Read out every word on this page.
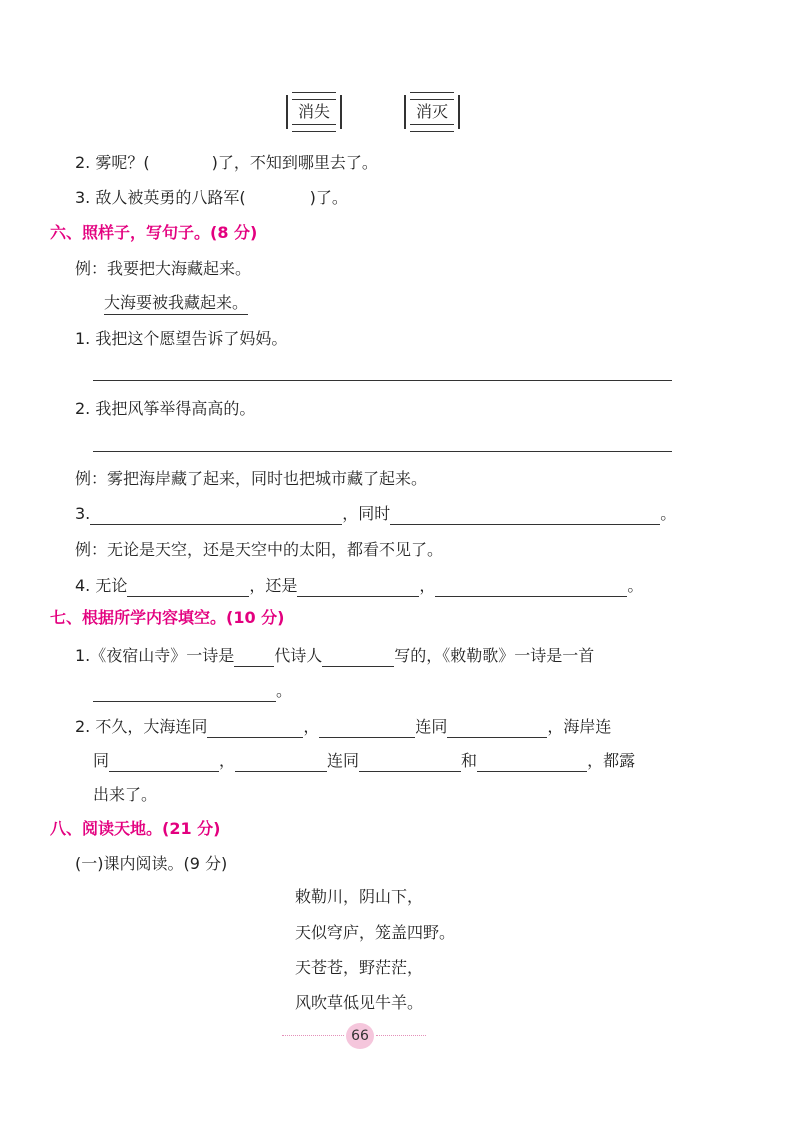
消失	消灭
2. 雾呢？(	)了，不知到哪里去了。
3. 敌人被英勇的八路军(	)了。
六、照样子，写句子。(8 分)
例：我要把大海藏起来。
大海要被我藏起来。
1. 我把这个愿望告诉了妈妈。
2. 我把风筝举得高高的。
例：雾把海岸藏了起来，同时也把城市藏了起来。
3.	，同时	。
例：无论是天空，还是天空中的太阳，都看不见了。
4. 无论	，还是	，	。
七、根据所学内容填空。(10 分)
1.《夜宿山寺》一诗是	代诗人	写的，《敕勒歌》一诗是一首
。
2. 不久，大海连同	，	连同	，海岸连
同	，	连同	和	，都露
出来了。
八、阅读天地。(21 分)
(一)课内阅读。(9 分)
敕勒川，阴山下，
天似穹庐，笼盖四野。
天苍苍，野茫茫，
风吹草低见牛羊。
66
